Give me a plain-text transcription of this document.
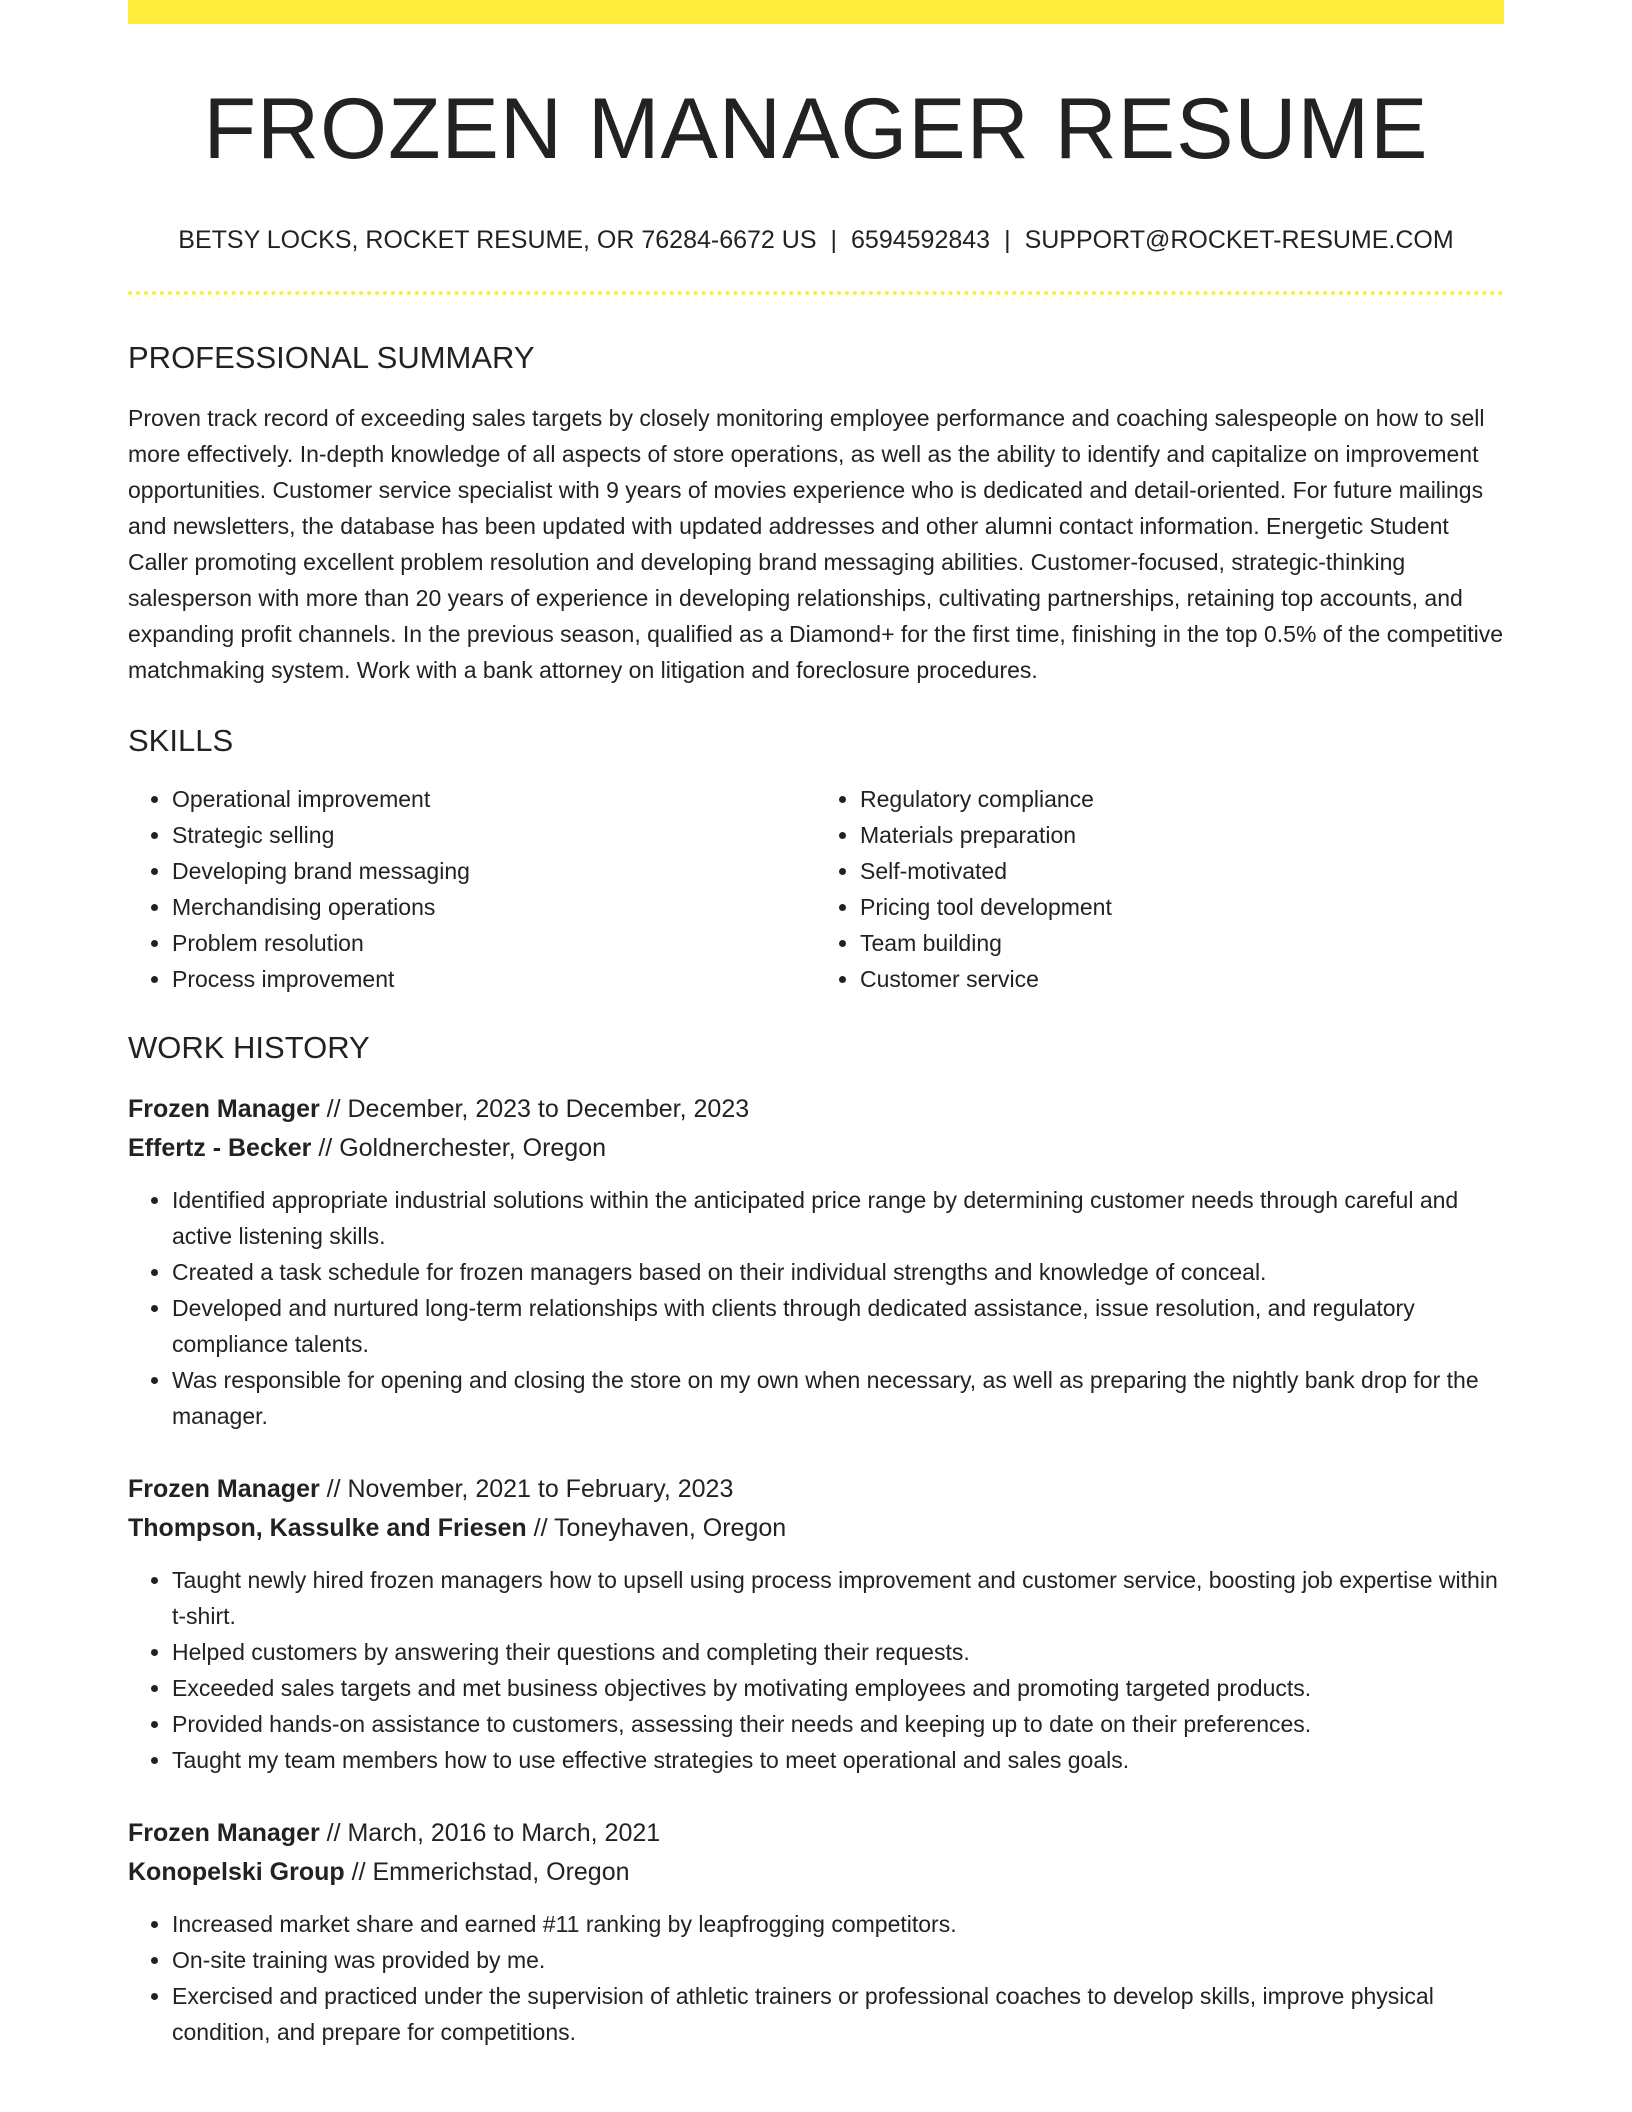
FROZEN MANAGER RESUME
BETSY LOCKS, ROCKET RESUME, OR 76284-6672 US | 6594592843 | SUPPORT@ROCKET-RESUME.COM
PROFESSIONAL SUMMARY
Proven track record of exceeding sales targets by closely monitoring employee performance and coaching salespeople on how to sell more effectively. In-depth knowledge of all aspects of store operations, as well as the ability to identify and capitalize on improvement opportunities. Customer service specialist with 9 years of movies experience who is dedicated and detail-oriented. For future mailings and newsletters, the database has been updated with updated addresses and other alumni contact information. Energetic Student Caller promoting excellent problem resolution and developing brand messaging abilities. Customer-focused, strategic-thinking salesperson with more than 20 years of experience in developing relationships, cultivating partnerships, retaining top accounts, and expanding profit channels. In the previous season, qualified as a Diamond+ for the first time, finishing in the top 0.5% of the competitive matchmaking system. Work with a bank attorney on litigation and foreclosure procedures.
SKILLS
• Operational improvement
• Strategic selling
• Developing brand messaging
• Merchandising operations
• Problem resolution
• Process improvement
• Regulatory compliance
• Materials preparation
• Self-motivated
• Pricing tool development
• Team building
• Customer service
WORK HISTORY
Frozen Manager // December, 2023 to December, 2023
Effertz - Becker // Goldnerchester, Oregon
• Identified appropriate industrial solutions within the anticipated price range by determining customer needs through careful and active listening skills.
• Created a task schedule for frozen managers based on their individual strengths and knowledge of conceal.
• Developed and nurtured long-term relationships with clients through dedicated assistance, issue resolution, and regulatory compliance talents.
• Was responsible for opening and closing the store on my own when necessary, as well as preparing the nightly bank drop for the manager.
Frozen Manager // November, 2021 to February, 2023
Thompson, Kassulke and Friesen // Toneyhaven, Oregon
• Taught newly hired frozen managers how to upsell using process improvement and customer service, boosting job expertise within t-shirt.
• Helped customers by answering their questions and completing their requests.
• Exceeded sales targets and met business objectives by motivating employees and promoting targeted products.
• Provided hands-on assistance to customers, assessing their needs and keeping up to date on their preferences.
• Taught my team members how to use effective strategies to meet operational and sales goals.
Frozen Manager // March, 2016 to March, 2021
Konopelski Group // Emmerichstad, Oregon
• Increased market share and earned #11 ranking by leapfrogging competitors.
• On-site training was provided by me.
• Exercised and practiced under the supervision of athletic trainers or professional coaches to develop skills, improve physical condition, and prepare for competitions.
